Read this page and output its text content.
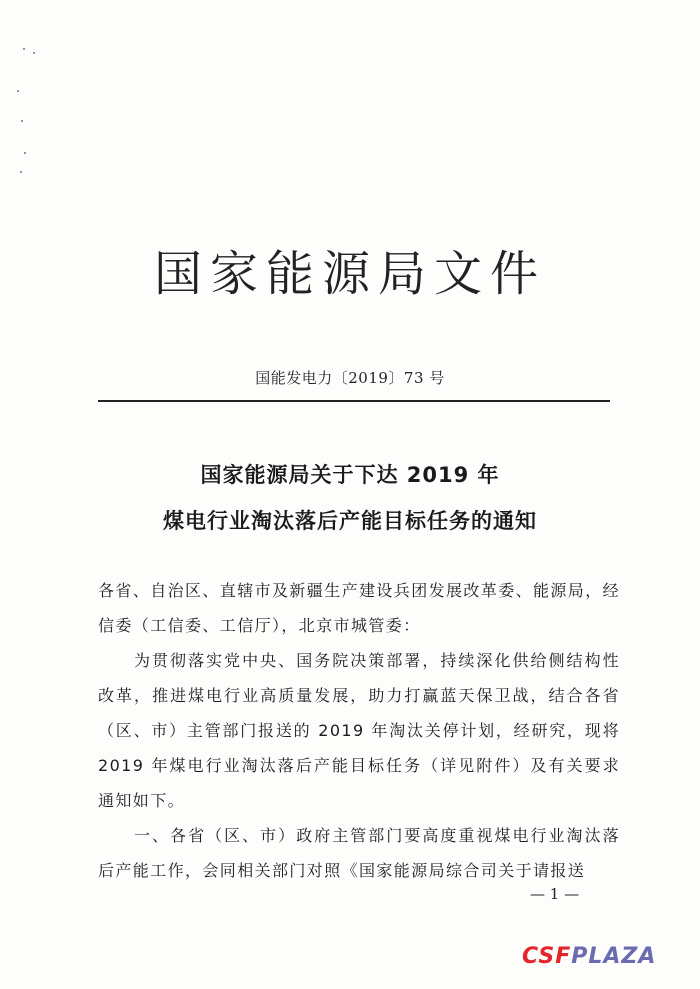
国家能源局文件
国能发电力〔2019〕73 号
国家能源局关于下达 2019 年
煤电行业淘汰落后产能目标任务的通知
各省、自治区、直辖市及新疆生产建设兵团发展改革委、能源局，经信委（工信委、工信厅），北京市城管委：
为贯彻落实党中央、国务院决策部署，持续深化供给侧结构性改革，推进煤电行业高质量发展，助力打赢蓝天保卫战，结合各省（区、市）主管部门报送的 2019 年淘汰关停计划，经研究，现将 2019 年煤电行业淘汰落后产能目标任务（详见附件）及有关要求通知如下。
一、各省（区、市）政府主管部门要高度重视煤电行业淘汰落后产能工作，会同相关部门对照《国家能源局综合司关于请报送
— 1 —
CSFPLAZA
